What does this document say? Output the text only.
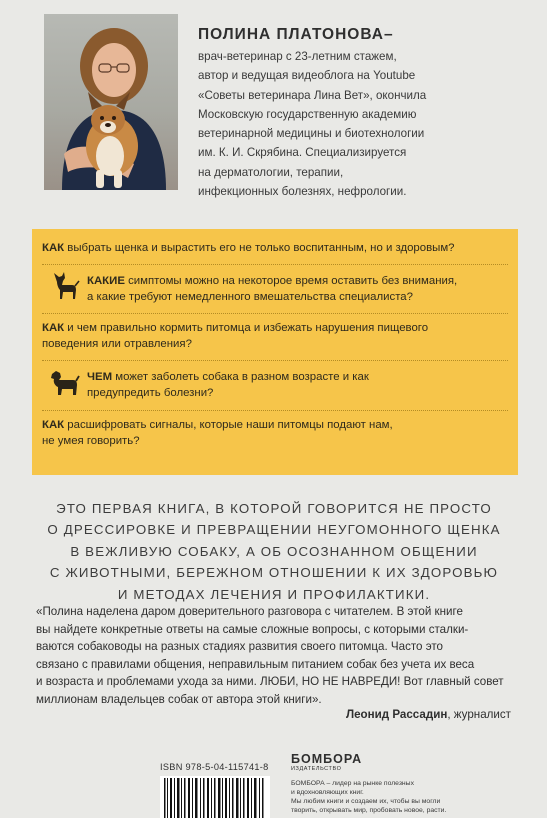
ПОЛИНА ПЛАТОНОВА–
врач-ветеринар с 23-летним стажем,
автор и ведущая видеоблога на Youtube
«Советы ветеринара Лина Вет», окончила
Московскую государственную академию
ветеринарной медицины и биотехнологии
им. К. И. Скрябина. Специализируется
на дерматологии, терапии,
инфекционных болезнях, нефрологии.
КАК выбрать щенка и вырастить его не только воспитанным, но и здоровым?
КАКИЕ симптомы можно на некоторое время оставить без внимания,
а какие требуют немедленного вмешательства специалиста?
КАК и чем правильно кормить питомца и избежать нарушения пищевого
поведения или отравления?
ЧЕМ может заболеть собака в разном возрасте и как
предупредить болезни?
КАК расшифровать сигналы, которые наши питомцы подают нам,
не умея говорить?
ЭТО ПЕРВАЯ КНИГА, В КОТОРОЙ ГОВОРИТСЯ НЕ ПРОСТО
О ДРЕССИРОВКЕ И ПРЕВРАЩЕНИИ НЕУГОМОННОГО ЩЕНКА
В ВЕЖЛИВУЮ СОБАКУ, А ОБ ОСОЗНАННОМ ОБЩЕНИИ
С ЖИВОТНЫМИ, БЕРЕЖНОМ ОТНОШЕНИИ К ИХ ЗДОРОВЬЮ
И МЕТОДАХ ЛЕЧЕНИЯ И ПРОФИЛАКТИКИ.
«Полина наделена даром доверительного разговора с читателем. В этой книге
вы найдете конкретные ответы на самые сложные вопросы, с которыми сталки-
ваются собаководы на разных стадиях развития своего питомца. Часто это
связано с правилами общения, неправильным питанием собак без учета их веса
и возраста и проблемами ухода за ними. ЛЮБИ, НО НЕ НАВРЕДИ! Вот главный совет
миллионам владельцев собак от автора этой книги».
Леонид Рассадин, журналист
ISBN 978-5-04-115741-8
БОМБОРА
ИЗДАТЕЛЬСТВО
БОМБОРА – лидер на рынке полезных
и вдохновляющих книг.
Мы любим книги и создаем их, чтобы вы могли
творить, открывать мир, пробовать новое, расти.
